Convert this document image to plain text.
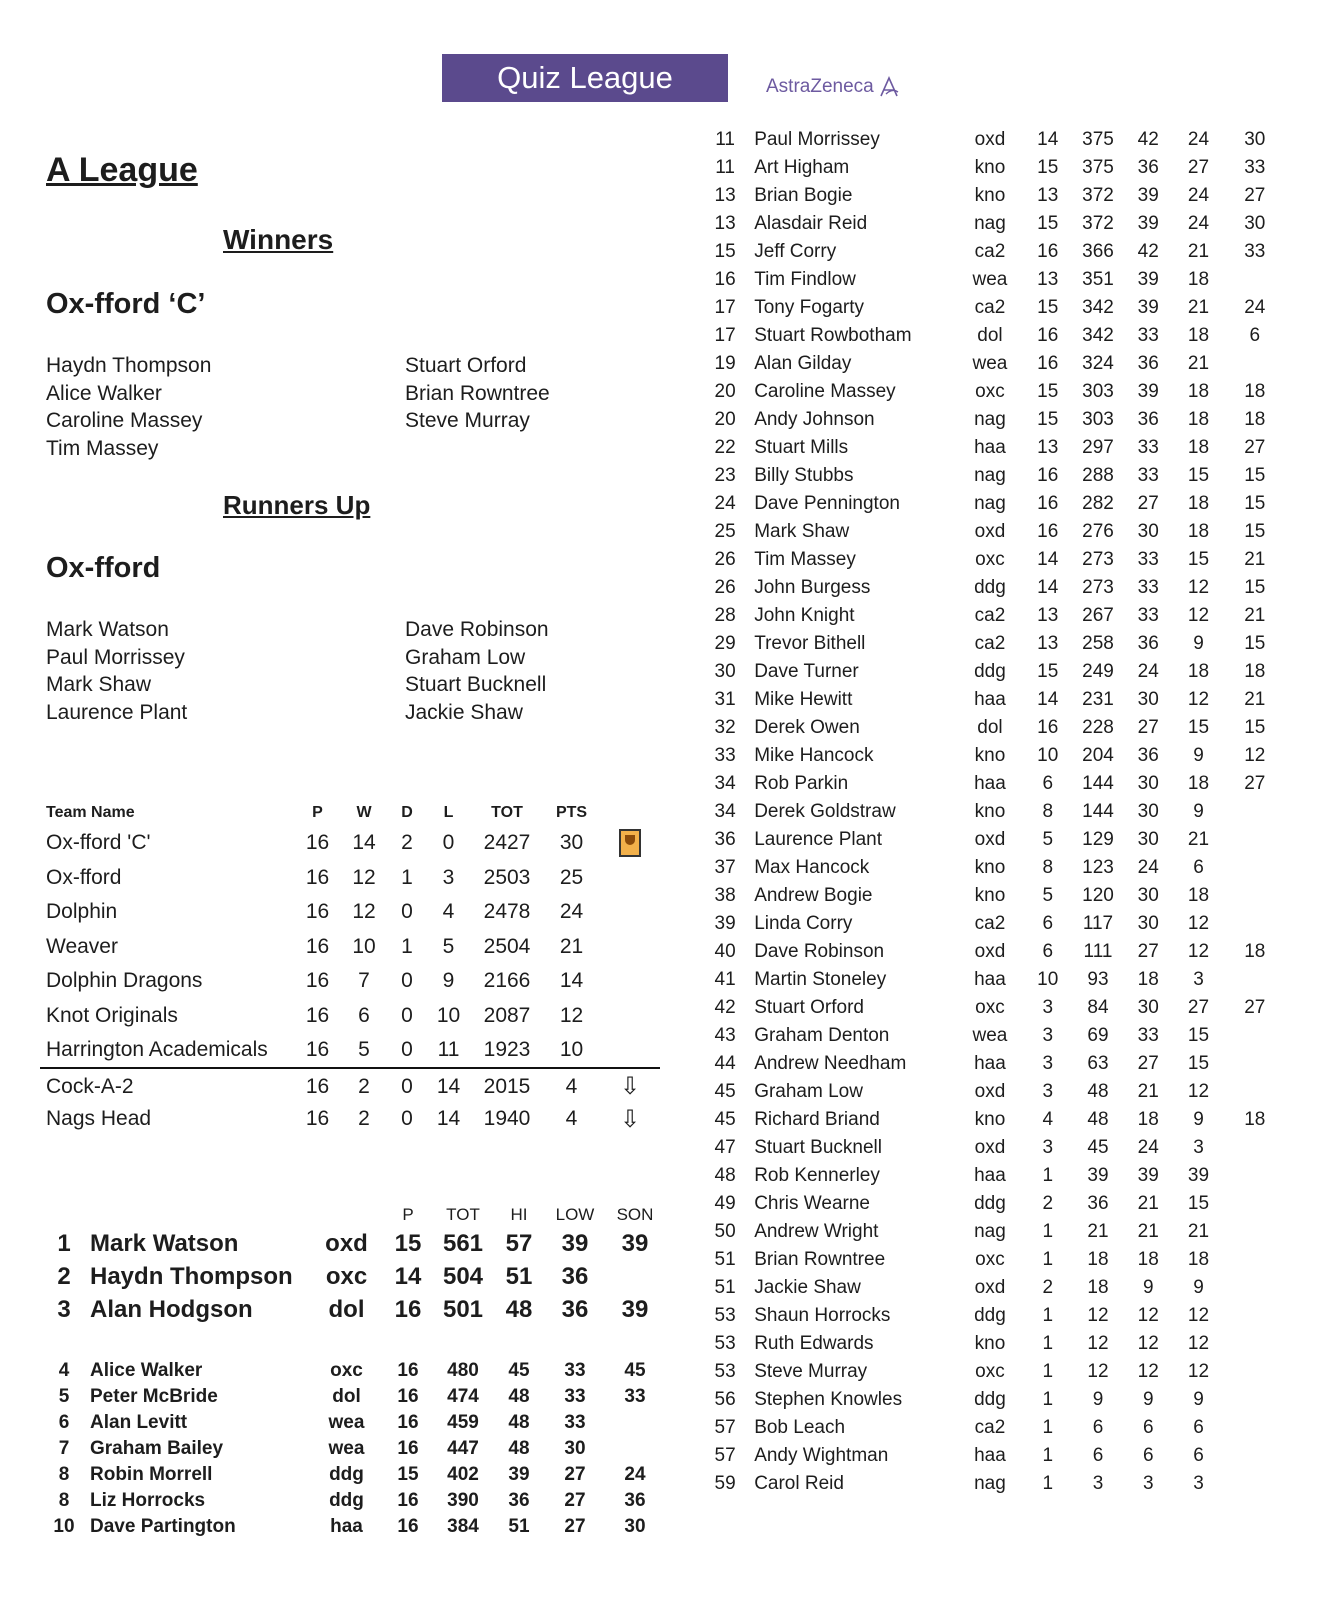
Quiz League	AstraZeneca
A League
Winners
Ox-fford ‘C’
Haydn Thompson
Alice Walker
Caroline Massey
Tim Massey
Stuart Orford
Brian Rowntree
Steve Murray
Runners Up
Ox-fford
Mark Watson
Paul Morrissey
Mark Shaw
Laurence Plant
Dave Robinson
Graham Low
Stuart Bucknell
Jackie Shaw
Team Name	P	W	D	L	TOT	PTS	
Ox-fford 'C'	16	14	2	0	2427	30	
Ox-fford	16	12	1	3	2503	25	
Dolphin	16	12	0	4	2478	24	
Weaver	16	10	1	5	2504	21	
Dolphin Dragons	16	7	0	9	2166	14	
Knot Originals	16	6	0	10	2087	12	
Harrington Academicals	16	5	0	11	1923	10	
Cock-A-2	16	2	0	14	2015	4	⇩
Nags Head	16	2	0	14	1940	4	⇩
			P	TOT	HI	LOW	SON
1	Mark Watson	oxd	15	561	57	39	39
2	Haydn Thompson	oxc	14	504	51	36	
3	Alan Hodgson	dol	16	501	48	36	39
4	Alice Walker	oxc	16	480	45	33	45
5	Peter McBride	dol	16	474	48	33	33
6	Alan Levitt	wea	16	459	48	33	
7	Graham Bailey	wea	16	447	48	30	
8	Robin Morrell	ddg	15	402	39	27	24
8	Liz Horrocks	ddg	16	390	36	27	36
10	Dave Partington	haa	16	384	51	27	30
11	Paul Morrissey	oxd	14	375	42	24	30
11	Art Higham	kno	15	375	36	27	33
13	Brian Bogie	kno	13	372	39	24	27
13	Alasdair Reid	nag	15	372	39	24	30
15	Jeff Corry	ca2	16	366	42	21	33
16	Tim Findlow	wea	13	351	39	18	
17	Tony Fogarty	ca2	15	342	39	21	24
17	Stuart Rowbotham	dol	16	342	33	18	6
19	Alan Gilday	wea	16	324	36	21	
20	Caroline Massey	oxc	15	303	39	18	18
20	Andy Johnson	nag	15	303	36	18	18
22	Stuart Mills	haa	13	297	33	18	27
23	Billy Stubbs	nag	16	288	33	15	15
24	Dave Pennington	nag	16	282	27	18	15
25	Mark Shaw	oxd	16	276	30	18	15
26	Tim Massey	oxc	14	273	33	15	21
26	John Burgess	ddg	14	273	33	12	15
28	John Knight	ca2	13	267	33	12	21
29	Trevor Bithell	ca2	13	258	36	9	15
30	Dave Turner	ddg	15	249	24	18	18
31	Mike Hewitt	haa	14	231	30	12	21
32	Derek Owen	dol	16	228	27	15	15
33	Mike Hancock	kno	10	204	36	9	12
34	Rob Parkin	haa	6	144	30	18	27
34	Derek Goldstraw	kno	8	144	30	9	
36	Laurence Plant	oxd	5	129	30	21	
37	Max Hancock	kno	8	123	24	6	
38	Andrew Bogie	kno	5	120	30	18	
39	Linda Corry	ca2	6	117	30	12	
40	Dave Robinson	oxd	6	111	27	12	18
41	Martin Stoneley	haa	10	93	18	3	
42	Stuart Orford	oxc	3	84	30	27	27
43	Graham Denton	wea	3	69	33	15	
44	Andrew Needham	haa	3	63	27	15	
45	Graham Low	oxd	3	48	21	12	
45	Richard Briand	kno	4	48	18	9	18
47	Stuart Bucknell	oxd	3	45	24	3	
48	Rob Kennerley	haa	1	39	39	39	
49	Chris Wearne	ddg	2	36	21	15	
50	Andrew Wright	nag	1	21	21	21	
51	Brian Rowntree	oxc	1	18	18	18	
51	Jackie Shaw	oxd	2	18	9	9	
53	Shaun Horrocks	ddg	1	12	12	12	
53	Ruth Edwards	kno	1	12	12	12	
53	Steve Murray	oxc	1	12	12	12	
56	Stephen Knowles	ddg	1	9	9	9	
57	Bob Leach	ca2	1	6	6	6	
57	Andy Wightman	haa	1	6	6	6	
59	Carol Reid	nag	1	3	3	3	
